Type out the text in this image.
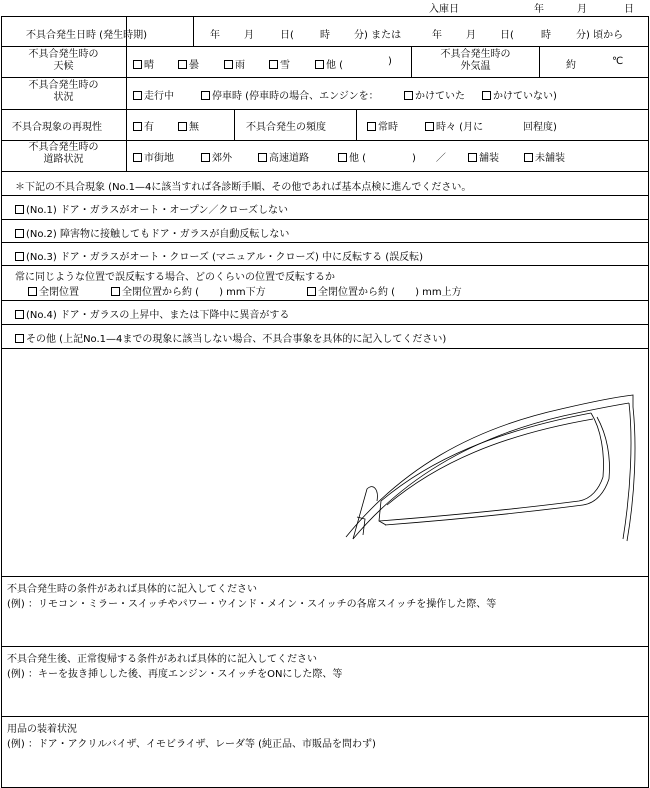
入庫日	年	月	日
不具合発生日時 (発生時期)	年 月	日(	時 分) または	年 月 日(	時	分) 頃から
不具合発生時の
天候	晴	曇	雨	雪	他 (	)
不具合発生時の
外気温	約	℃
不具合発生時の
状況	走行中	停車時 (停車時の場合、エンジンを：	かけていた	かけていない)
不具合現象の再現性	有	無	不具合発生の頻度	常時	時々 (月に	回程度)
不具合発生時の
道路状況	市街地	郊外	高速道路	他 (	)　　／	舗装	未舗装
＊下記の不具合現象 (No.1—4に該当すれば各診断手順、その他であれば基本点検に進んでください。
(No.1) ドア・ガラスがオート・オープン／クローズしない
(No.2) 障害物に接触してもドア・ガラスが自動反転しない
(No.3) ドア・ガラスがオート・クローズ (マニュアル・クローズ) 中に反転する (誤反転)
常に同じような位置で誤反転する場合、どのくらいの位置で反転するか
全閉位置	全閉位置から約 (　　) mm下方	全閉位置から約 (　　) mm上方
(No.4) ドア・ガラスの上昇中、または下降中に異音がする
その他 (上記No.1—4までの現象に該当しない場合、不具合事象を具体的に記入してください)
不具合発生時の条件があれば具体的に記入してください
(例) ：リモコン・ミラー・スイッチやパワー・ウインド・メイン・スイッチの各席スイッチを操作した際、等
不具合発生後、正常復帰する条件があれば具体的に記入してください
(例) ：キーを抜き挿しした後、再度エンジン・スイッチをONにした際、等
用品の装着状況
(例) ：ドア・アクリルバイザ、イモビライザ、レーダ等 (純正品、市販品を問わず)
